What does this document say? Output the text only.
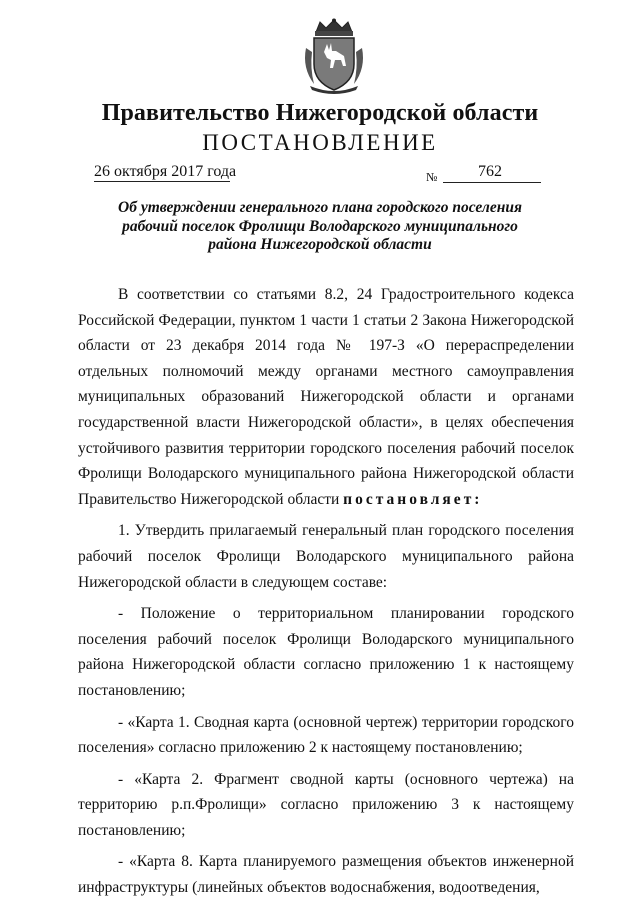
Правительство Нижегородской области
ПОСТАНОВЛЕНИЕ
26 октября 2017 года	№	762
Об утверждении генерального плана городского поселения рабочий поселок Фролищи Володарского муниципального района Нижегородской области

В соответствии со статьями 8.2, 24 Градостроительного кодекса Российской Федерации, пунктом 1 части 1 статьи 2 Закона Нижегородской области от 23 декабря 2014 года № 197-З «О перераспределении отдельных полномочий между органами местного самоуправления муниципальных образований Нижегородской области и органами государственной власти Нижегородской области», в целях обеспечения устойчивого развития территории городского поселения рабочий поселок Фролищи Володарского муниципального района Нижегородской области Правительство Нижегородской области постановляет:

1. Утвердить прилагаемый генеральный план городского поселения рабочий поселок Фролищи Володарского муниципального района Нижегородской области в следующем составе:

- Положение о территориальном планировании городского поселения рабочий поселок Фролищи Володарского муниципального района Нижегородской области согласно приложению 1 к настоящему постановлению;

- «Карта 1. Сводная карта (основной чертеж) территории городского поселения» согласно приложению 2 к настоящему постановлению;

- «Карта 2. Фрагмент сводной карты (основного чертежа) на территорию р.п.Фролищи» согласно приложению 3 к настоящему постановлению;

- «Карта 8. Карта планируемого размещения объектов инженерной инфраструктуры (линейных объектов водоснабжения, водоотведения,
